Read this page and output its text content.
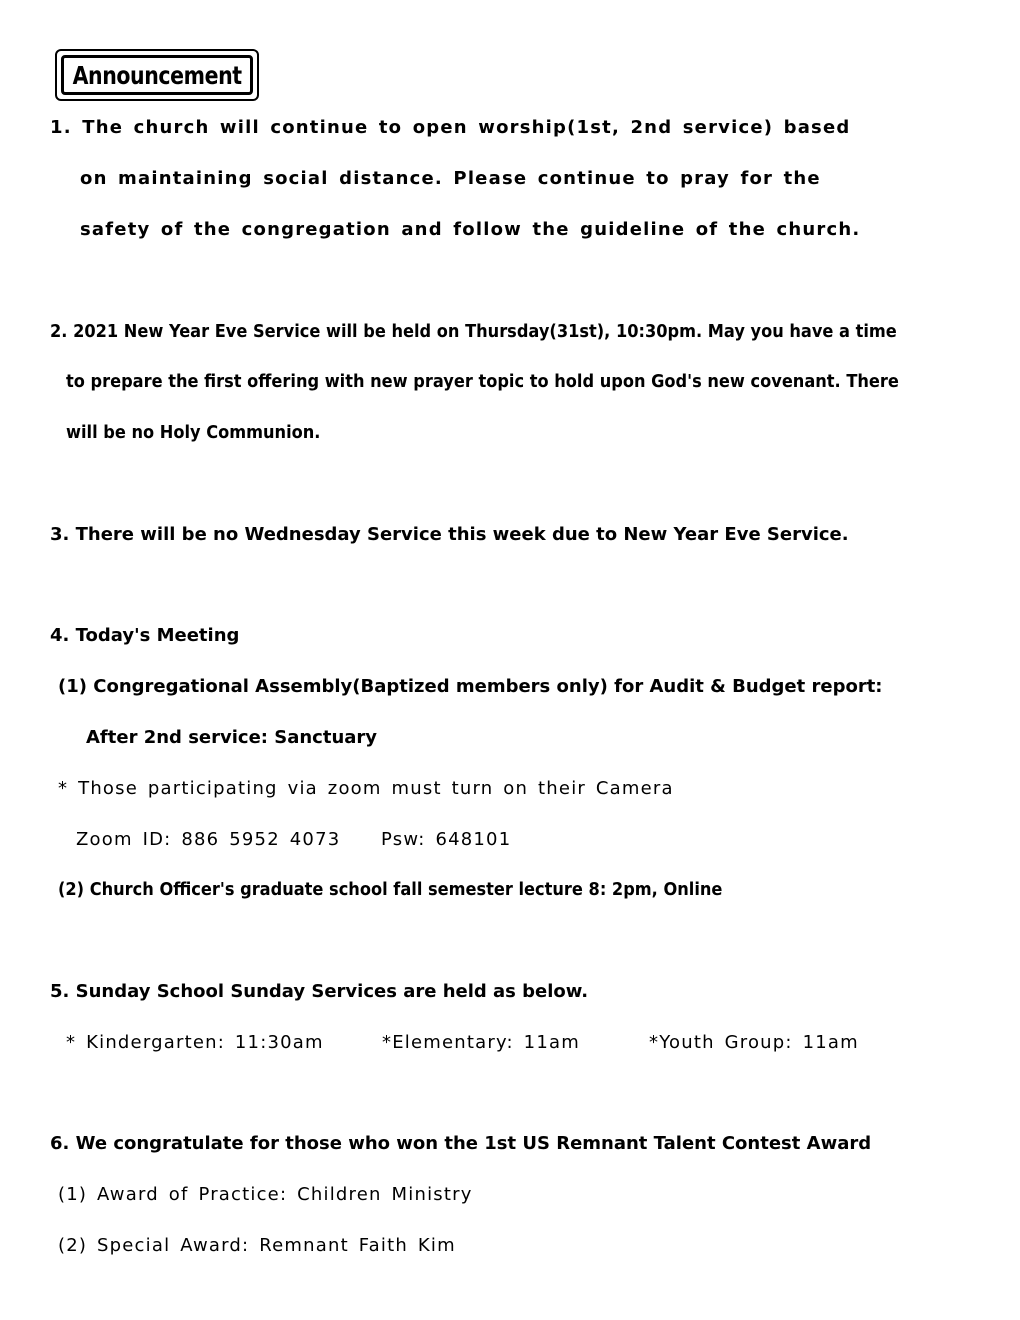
Announcement
1. The church will continue to open worship(1st, 2nd service) based
on maintaining social distance. Please continue to pray for the
safety of the congregation and follow the guideline of the church.
2. 2021 New Year Eve Service will be held on Thursday(31st), 10:30pm. May you have a time
to prepare the first offering with new prayer topic to hold upon God's new covenant. There
will be no Holy Communion.
3. There will be no Wednesday Service this week due to New Year Eve Service.
4. Today's Meeting
(1) Congregational Assembly(Baptized members only) for Audit & Budget report:
After 2nd service: Sanctuary
* Those participating via zoom must turn on their Camera
Zoom ID: 886 5952 4073 Psw: 648101
(2) Church Officer's graduate school fall semester lecture 8: 2pm, Online
5. Sunday School Sunday Services are held as below.
* Kindergarten: 11:30am	*Elementary: 11am	*Youth Group: 11am
6. We congratulate for those who won the 1st US Remnant Talent Contest Award
(1) Award of Practice: Children Ministry
(2) Special Award: Remnant Faith Kim
